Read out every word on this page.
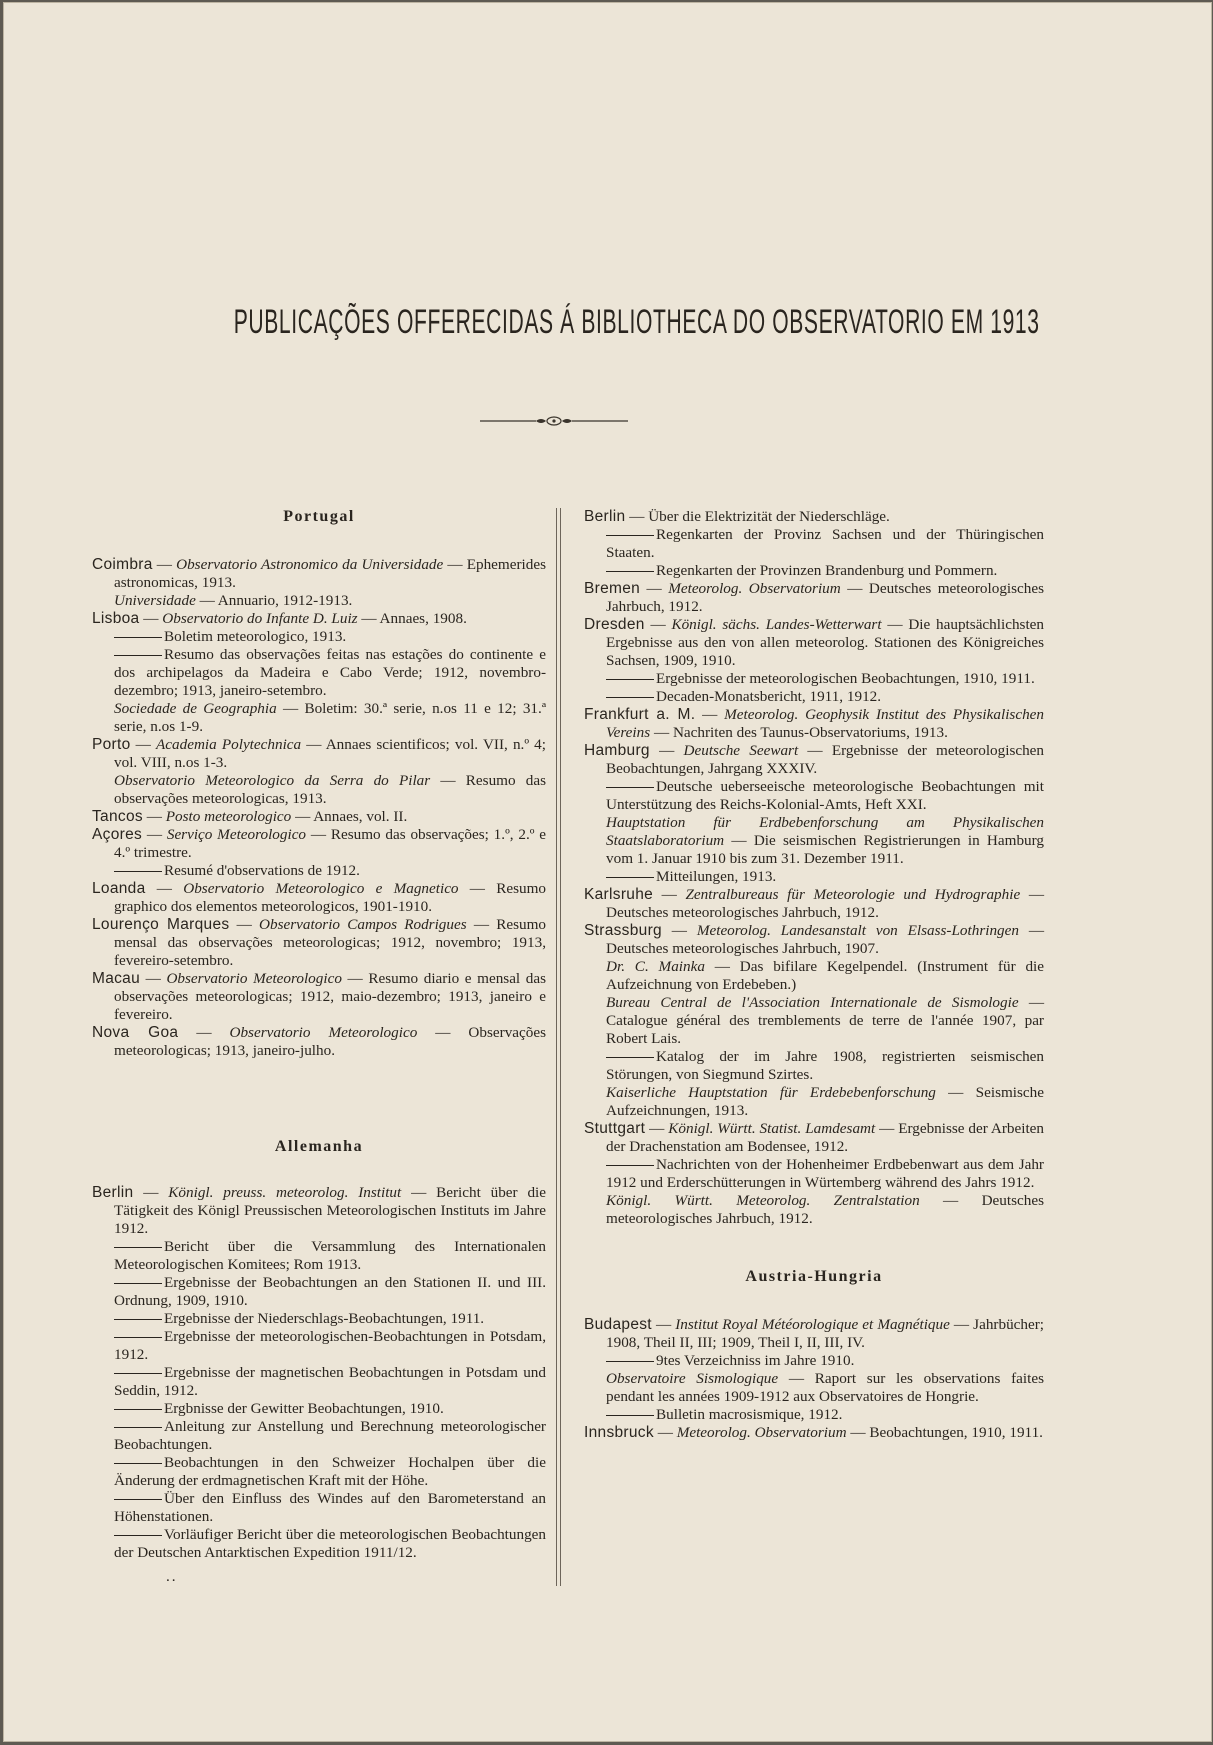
PUBLICAÇÕES OFFERECIDAS Á BIBLIOTHECA DO OBSERVATORIO EM 1913

Portugal

Coimbra — Observatorio Astronomico da Universidade — Ephemerides astronomicas, 1913.

Universidade — Annuario, 1912-1913.

Lisboa — Observatorio do Infante D. Luiz — Annaes, 1908.

Boletim meteorologico, 1913.

Resumo das observações feitas nas estações do continente e dos archipelagos da Madeira e Cabo Verde; 1912, novembro-dezembro; 1913, janeiro-setembro.

Sociedade de Geographia — Boletim: 30.ª serie, n.os 11 e 12; 31.ª serie, n.os 1-9.

Porto — Academia Polytechnica — Annaes scientificos; vol. VII, n.º 4; vol. VIII, n.os 1-3.

Observatorio Meteorologico da Serra do Pilar — Resumo das observações meteorologicas, 1913.

Tancos — Posto meteorologico — Annaes, vol. II.

Açores — Serviço Meteorologico — Resumo das observações; 1.º, 2.º e 4.º trimestre.

Resumé d'observations de 1912.

Loanda — Observatorio Meteorologico e Magnetico — Resumo graphico dos elementos meteorologicos, 1901-1910.

Lourenço Marques — Observatorio Campos Rodrigues — Resumo mensal das observações meteorologicas; 1912, novembro; 1913, fevereiro-setembro.

Macau — Observatorio Meteorologico — Resumo diario e mensal das observações meteorologicas; 1912, maio-dezembro; 1913, janeiro e fevereiro.

Nova Goa — Observatorio Meteorologico — Observações meteorologicas; 1913, janeiro-julho.

Allemanha

Berlin — Königl. preuss. meteorolog. Institut — Bericht über die Tätigkeit des Königl Preussischen Meteorologischen Instituts im Jahre 1912.

Bericht über die Versammlung des Internationalen Meteorologischen Komitees; Rom 1913.

Ergebnisse der Beobachtungen an den Stationen II. und III. Ordnung, 1909, 1910.

Ergebnisse der Niederschlags-Beobachtungen, 1911.

Ergebnisse der meteorologischen-Beobachtungen in Potsdam, 1912.

Ergebnisse der magnetischen Beobachtungen in Potsdam und Seddin, 1912.

Ergbnisse der Gewitter Beobachtungen, 1910.

Anleitung zur Anstellung und Berechnung meteorologischer Beobachtungen.

Beobachtungen in den Schweizer Hochalpen über die Änderung der erdmagnetischen Kraft mit der Höhe.

Über den Einfluss des Windes auf den Barometerstand an Höhenstationen.

Vorläufiger Bericht über die meteorologischen Beobachtungen der Deutschen Antarktischen Expedition 1911/12.

..

Berlin — Über die Elektrizität der Niederschläge.

Regenkarten der Provinz Sachsen und der Thüringischen Staaten.

Regenkarten der Provinzen Brandenburg und Pommern.

Bremen — Meteorolog. Observatorium — Deutsches meteorologisches Jahrbuch, 1912.

Dresden — Königl. sächs. Landes-Wetterwart — Die hauptsächlichsten Ergebnisse aus den von allen meteorolog. Stationen des Königreiches Sachsen, 1909, 1910.

Ergebnisse der meteorologischen Beobachtungen, 1910, 1911.

Decaden-Monatsbericht, 1911, 1912.

Frankfurt a. M. — Meteorolog. Geophysik Institut des Physikalischen Vereins — Nachriten des Taunus-Observatoriums, 1913.

Hamburg — Deutsche Seewart — Ergebnisse der meteorologischen Beobachtungen, Jahrgang XXXIV.

Deutsche ueberseeische meteorologische Beobachtungen mit Unterstützung des Reichs-Kolonial-Amts, Heft XXI.

Hauptstation für Erdbebenforschung am Physikalischen Staatslaboratorium — Die seismischen Registrierungen in Hamburg vom 1. Januar 1910 bis zum 31. Dezember 1911.

Mitteilungen, 1913.

Karlsruhe — Zentralbureaus für Meteorologie und Hydrographie — Deutsches meteorologisches Jahrbuch, 1912.

Strassburg — Meteorolog. Landesanstalt von Elsass-Lothringen — Deutsches meteorologisches Jahrbuch, 1907.

Dr. C. Mainka — Das bifilare Kegelpendel. (Instrument für die Aufzeichnung von Erdebeben.)

Bureau Central de l'Association Internationale de Sismologie — Catalogue général des tremblements de terre de l'année 1907, par Robert Lais.

Katalog der im Jahre 1908, registrierten seismischen Störungen, von Siegmund Szirtes.

Kaiserliche Hauptstation für Erdebebenforschung — Seismische Aufzeichnungen, 1913.

Stuttgart — Königl. Württ. Statist. Lamdesamt — Ergebnisse der Arbeiten der Drachenstation am Bodensee, 1912.

Nachrichten von der Hohenheimer Erdbebenwart aus dem Jahr 1912 und Erderschütterungen in Würtemberg während des Jahrs 1912.

Königl. Württ. Meteorolog. Zentralstation — Deutsches meteorologisches Jahrbuch, 1912.

Austria-Hungria

Budapest — Institut Royal Météorologique et Magnétique — Jahrbücher; 1908, Theil II, III; 1909, Theil I, II, III, IV.

9tes Verzeichniss im Jahre 1910.

Observatoire Sismologique — Raport sur les observations faites pendant les années 1909-1912 aux Observatoires de Hongrie.

Bulletin macrosismique, 1912.

Innsbruck — Meteorolog. Observatorium — Beobachtungen, 1910, 1911.
